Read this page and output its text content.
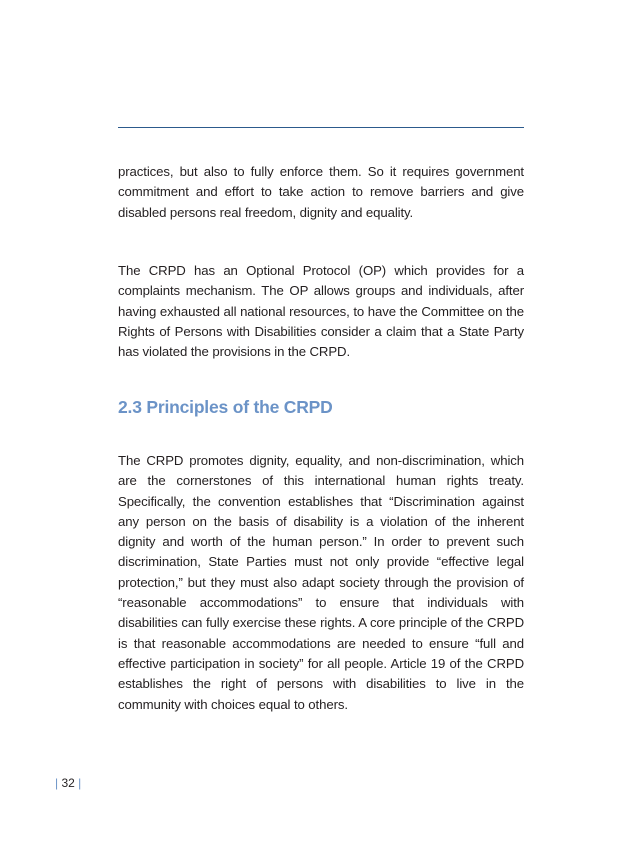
practices, but also to fully enforce them. So it requires government commitment and effort to take action to remove barriers and give disabled persons real freedom, dignity and equality.

The CRPD has an Optional Protocol (OP) which provides for a complaints mechanism. The OP allows groups and individuals, after having exhausted all national resources, to have the Committee on the Rights of Persons with Disabilities consider a claim that a State Party has violated the provisions in the CRPD.

2.3 Principles of the CRPD

The CRPD promotes dignity, equality, and non-discrimination, which are the cornerstones of this international human rights treaty. Specifically, the convention establishes that “Discrimination against any person on the basis of disability is a violation of the inherent dignity and worth of the human person.” In order to prevent such discrimination, State Parties must not only provide “effective legal protection,” but they must also adapt society through the provision of “reasonable accommodations” to ensure that individuals with disabilities can fully exercise these rights. A core principle of the CRPD is that reasonable accommodations are needed to ensure “full and effective participation in society” for all people. Article 19 of the CRPD establishes the right of persons with disabilities to live in the community with choices equal to others.

| 32 |
